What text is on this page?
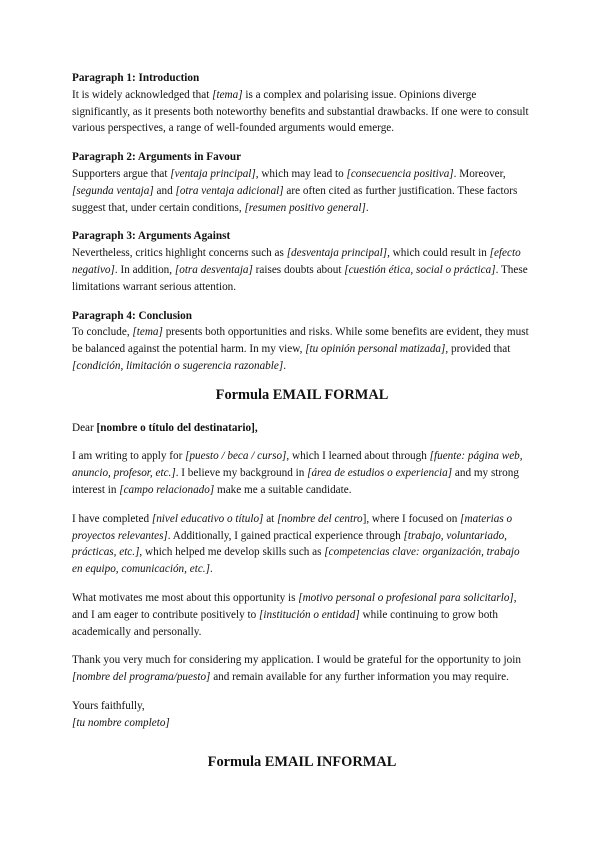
Paragraph 1: Introduction
It is widely acknowledged that [tema] is a complex and polarising issue. Opinions diverge significantly, as it presents both noteworthy benefits and substantial drawbacks. If one were to consult various perspectives, a range of well-founded arguments would emerge.
Paragraph 2: Arguments in Favour
Supporters argue that [ventaja principal], which may lead to [consecuencia positiva]. Moreover, [segunda ventaja] and [otra ventaja adicional] are often cited as further justification. These factors suggest that, under certain conditions, [resumen positivo general].
Paragraph 3: Arguments Against
Nevertheless, critics highlight concerns such as [desventaja principal], which could result in [efecto negativo]. In addition, [otra desventaja] raises doubts about [cuestión ética, social o práctica]. These limitations warrant serious attention.
Paragraph 4: Conclusion
To conclude, [tema] presents both opportunities and risks. While some benefits are evident, they must be balanced against the potential harm. In my view, [tu opinión personal matizada], provided that [condición, limitación o sugerencia razonable].
Formula EMAIL FORMAL

Dear [nombre o título del destinatario],

I am writing to apply for [puesto / beca / curso], which I learned about through [fuente: página web, anuncio, profesor, etc.]. I believe my background in [área de estudios o experiencia] and my strong interest in [campo relacionado] make me a suitable candidate.

I have completed [nivel educativo o título] at [nombre del centro], where I focused on [materias o proyectos relevantes]. Additionally, I gained practical experience through [trabajo, voluntariado, prácticas, etc.], which helped me develop skills such as [competencias clave: organización, trabajo en equipo, comunicación, etc.].

What motivates me most about this opportunity is [motivo personal o profesional para solicitarlo], and I am eager to contribute positively to [institución o entidad] while continuing to grow both academically and personally.

Thank you very much for considering my application. I would be grateful for the opportunity to join [nombre del programa/puesto] and remain available for any further information you may require.

Yours faithfully,
[tu nombre completo]

Formula EMAIL INFORMAL
